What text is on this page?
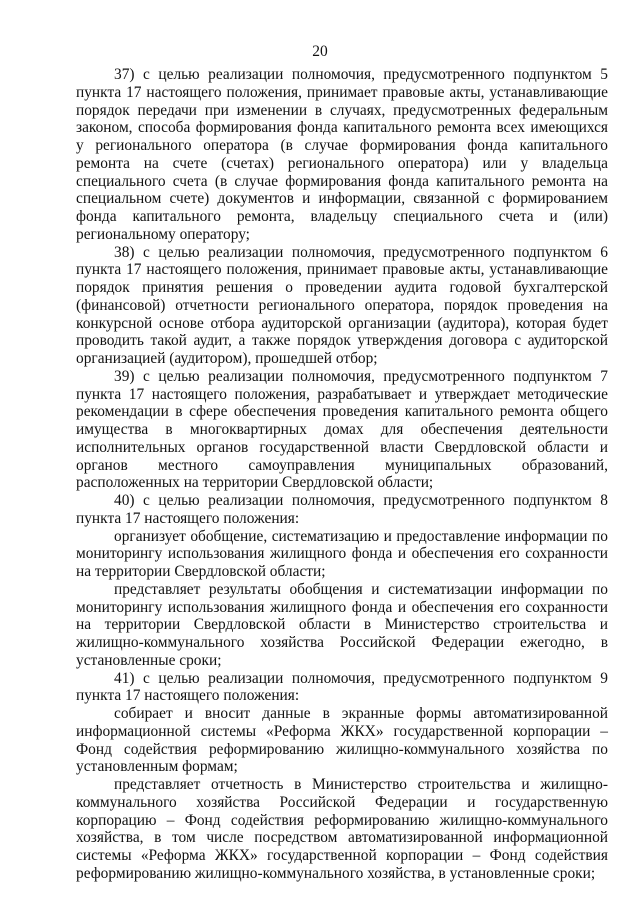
20

37) с целью реализации полномочия, предусмотренного подпунктом 5 пункта 17 настоящего положения, принимает правовые акты, устанавливающие порядок передачи при изменении в случаях, предусмотренных федеральным законом, способа формирования фонда капитального ремонта всех имеющихся у регионального оператора (в случае формирования фонда капитального ремонта на счете (счетах) регионального оператора) или у владельца специального счета (в случае формирования фонда капитального ремонта на специальном счете) документов и информации, связанной с формированием фонда капитального ремонта, владельцу специального счета и (или) региональному оператору;

38) с целью реализации полномочия, предусмотренного подпунктом 6 пункта 17 настоящего положения, принимает правовые акты, устанавливающие порядок принятия решения о проведении аудита годовой бухгалтерской (финансовой) отчетности регионального оператора, порядок проведения на конкурсной основе отбора аудиторской организации (аудитора), которая будет проводить такой аудит, а также порядок утверждения договора с аудиторской организацией (аудитором), прошедшей отбор;

39) с целью реализации полномочия, предусмотренного подпунктом 7 пункта 17 настоящего положения, разрабатывает и утверждает методические рекомендации в сфере обеспечения проведения капитального ремонта общего имущества в многоквартирных домах для обеспечения деятельности исполнительных органов государственной власти Свердловской области и органов местного самоуправления муниципальных образований, расположенных на территории Свердловской области;

40) с целью реализации полномочия, предусмотренного подпунктом 8 пункта 17 настоящего положения:

организует обобщение, систематизацию и предоставление информации по мониторингу использования жилищного фонда и обеспечения его сохранности на территории Свердловской области;

представляет результаты обобщения и систематизации информации по мониторингу использования жилищного фонда и обеспечения его сохранности на территории Свердловской области в Министерство строительства и жилищно-коммунального хозяйства Российской Федерации ежегодно, в установленные сроки;

41) с целью реализации полномочия, предусмотренного подпунктом 9 пункта 17 настоящего положения:

собирает и вносит данные в экранные формы автоматизированной информационной системы «Реформа ЖКХ» государственной корпорации – Фонд содействия реформированию жилищно-коммунального хозяйства по установленным формам;

представляет отчетность в Министерство строительства и жилищно-коммунального хозяйства Российской Федерации и государственную корпорацию – Фонд содействия реформированию жилищно-коммунального хозяйства, в том числе посредством автоматизированной информационной системы «Реформа ЖКХ» государственной корпорации – Фонд содействия реформированию жилищно-коммунального хозяйства, в установленные сроки;
